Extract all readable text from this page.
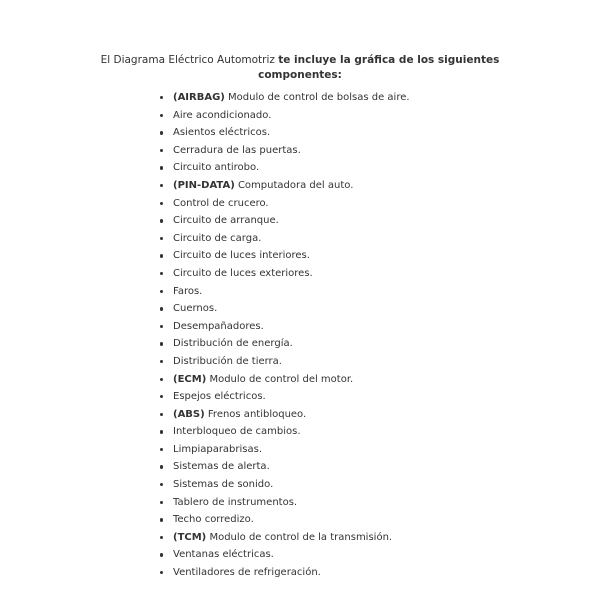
El Diagrama Eléctrico Automotriz te incluye la gráfica de los siguientes componentes:

(AIRBAG) Modulo de control de bolsas de aire.
Aire acondicionado.
Asientos eléctricos.
Cerradura de las puertas.
Circuito antirobo.
(PIN-DATA) Computadora del auto.
Control de crucero.
Circuito de arranque.
Circuito de carga.
Circuito de luces interiores.
Circuito de luces exteriores.
Faros.
Cuernos.
Desempañadores.
Distribución de energía.
Distribución de tierra.
(ECM) Modulo de control del motor.
Espejos eléctricos.
(ABS) Frenos antibloqueo.
Interbloqueo de cambios.
Limpiaparabrisas.
Sistemas de alerta.
Sistemas de sonido.
Tablero de instrumentos.
Techo corredizo.
(TCM) Modulo de control de la transmisión.
Ventanas eléctricas.
Ventiladores de refrigeración.
